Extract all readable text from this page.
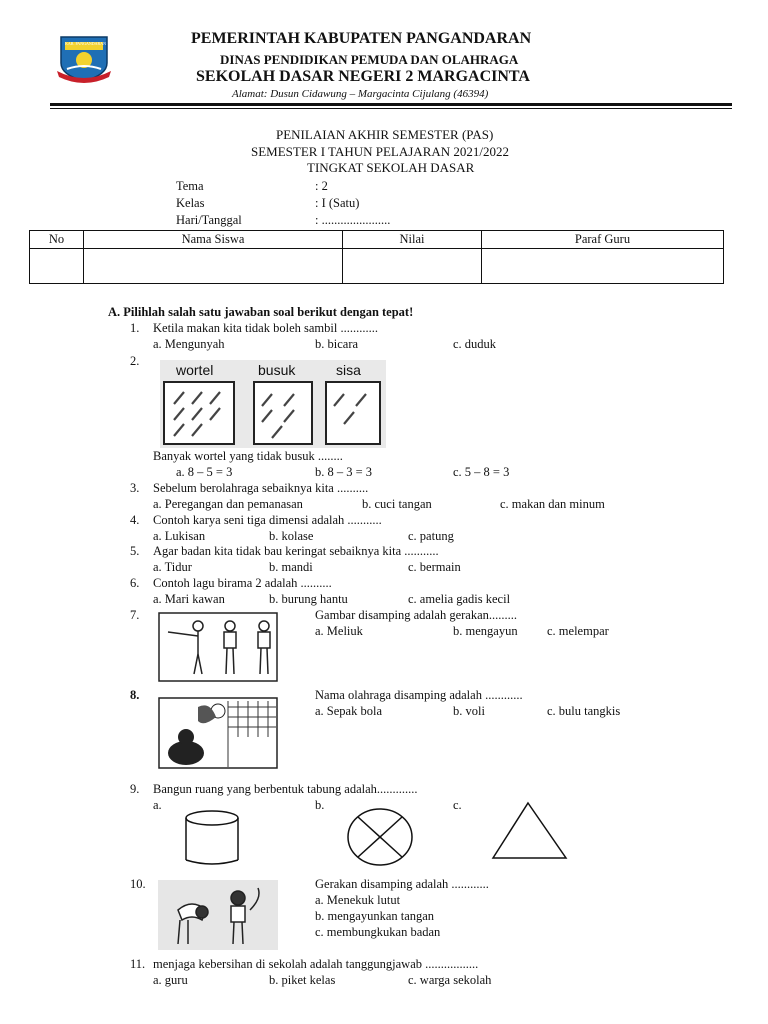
KAB. PANGANDARAN	PEMERINTAH KABUPATEN PANGANDARAN
DINAS PENDIDIKAN PEMUDA DAN OLAHRAGA
SEKOLAH DASAR NEGERI 2 MARGACINTA
Alamat: Dusun Cidawung – Margacinta Cijulang (46394)
PENILAIAN AKHIR SEMESTER (PAS)
SEMESTER I TAHUN PELAJARAN 2021/2022
TINGKAT SEKOLAH DASAR
Tema	: 2
Kelas	: I (Satu)
Hari/Tanggal	: ......................
No	Nama Siswa	Nilai	Paraf Guru

A. Pilihlah salah satu jawaban soal berikut dengan tepat!
1. Ketila makan kita tidak boleh sambil ............
a. Mengunyah	b. bicara	c. duduk
2.
wortel	busuk	sisa
Banyak wortel yang tidak busuk ........
a. 8 – 5 = 3	b. 8 – 3 = 3	c. 5 – 8 = 3
3. Sebelum berolahraga sebaiknya kita ..........
a. Peregangan dan pemanasan	b. cuci tangan	c. makan dan minum
4. Contoh karya seni tiga dimensi adalah ...........
a. Lukisan	b. kolase	c. patung
5. Agar badan kita tidak bau keringat sebaiknya kita ...........
a. Tidur	b. mandi	c. bermain
6. Contoh lagu birama 2 adalah ..........
a. Mari kawan	b. burung hantu	c. amelia gadis kecil
7.	Gambar disamping adalah gerakan.........
a. Meliuk	b. mengayun c. melempar
8.	Nama olahraga disamping adalah ............
a. Sepak bola	b. voli	c. bulu tangkis
9. Bangun ruang yang berbentuk tabung adalah.............
a.	b.	c.
10.	Gerakan disamping adalah ............
a. Menekuk lutut
b. mengayunkan tangan
c. membungkukan badan
11. menjaga kebersihan di sekolah adalah tanggungjawab .................
a. guru	b. piket kelas	c. warga sekolah
